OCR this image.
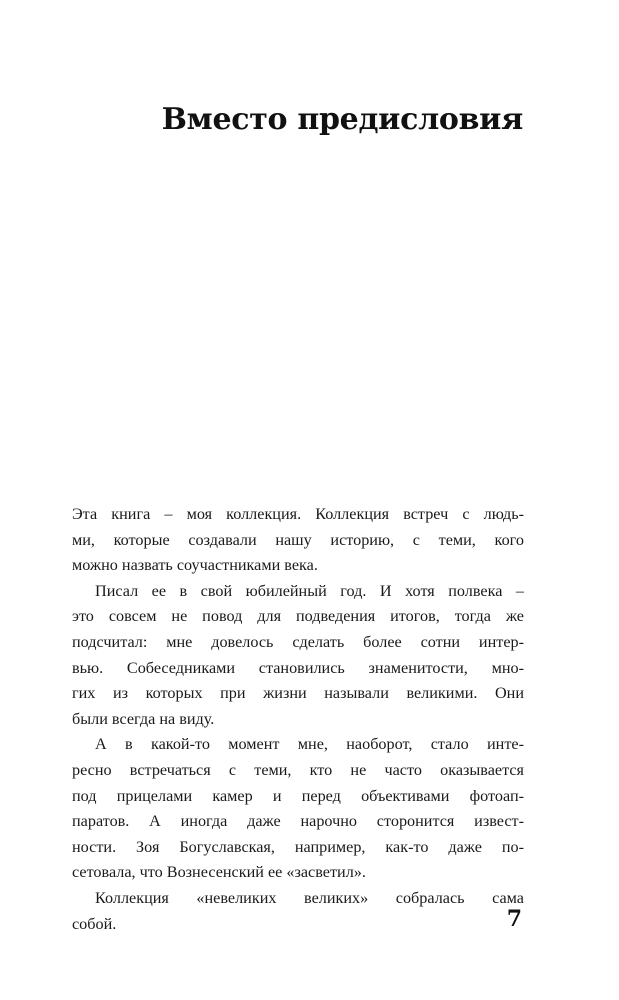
Вместо предисловия
Эта книга – моя коллекция. Коллекция встреч с людь-
ми, которые создавали нашу историю, с теми, кого
можно назвать соучастниками века.
Писал ее в свой юбилейный год. И хотя полвека –
это совсем не повод для подведения итогов, тогда же
подсчитал: мне довелось сделать более сотни интер-
вью. Собеседниками становились знаменитости, мно-
гих из которых при жизни называли великими. Они
были всегда на виду.
А в какой-то момент мне, наоборот, стало инте-
ресно встречаться с теми, кто не часто оказывается
под прицелами камер и перед объективами фотоап-
паратов. А иногда даже нарочно сторонится извест-
ности. Зоя Богуславская, например, как-то даже по-
сетовала, что Вознесенский ее «засветил».
Коллекция «невеликих великих» собралась сама
собой.	7
